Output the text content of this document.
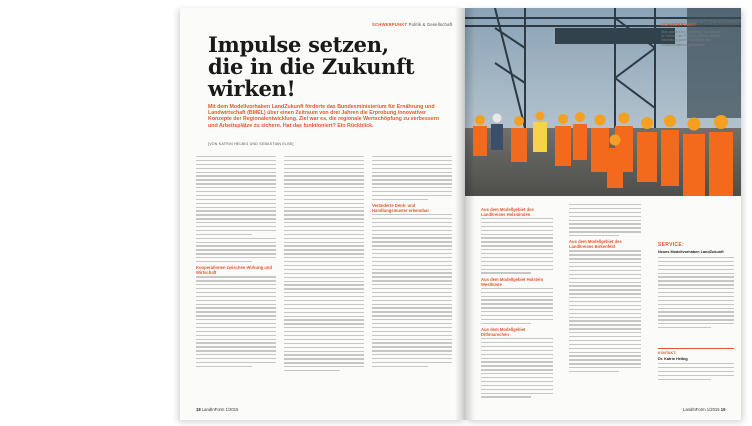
SCHWERPUNKT Politik & Gesellschaft
Impulse setzen,
die in die Zukunft
wirken!
Mit dem Modellvorhaben LandZukunft förderte das Bundesministerium für Ernährung und Landwirtschaft (BMEL) über einen Zeitraum von drei Jahren die Erprobung innovativer Konzepte der Regionalentwicklung. Ziel war es, die regionale Wertschöpfung zu verbessern und Arbeitsplätze zu sichern. Hat das funktioniert? Ein Rückblick.
[VON KATRIN HELBIG UND SEBASTIAN ELBE]
Kooperationen zwischen Wirkung und Wirtschaft
Veränderte Denk- und Handlungsmuster erkennbar
18 LandInForm 1/2015
SCHWERPUNKT Politik & Gesellschaft
Was passiert im Ebelsberg? Die Brisant ist Schüler der Friedrich-Hebbel-Schule Neuenburg kommt das Ende des Modellvorhabens gemeinsam
Aus dem Modellgebiet des Landkreises Holzminden
Aus dem Modellgebiet Holstein Westküste
Aus dem Modellgebiet Dithmarschen
Aus dem Modellgebiet des Landkreises Birkenfeld	SERVICE:
Neues Modellvorhaben LandZukunft
KONTAKT:
Dr. Katrin Helbig
LandInForm 1/2015 19
